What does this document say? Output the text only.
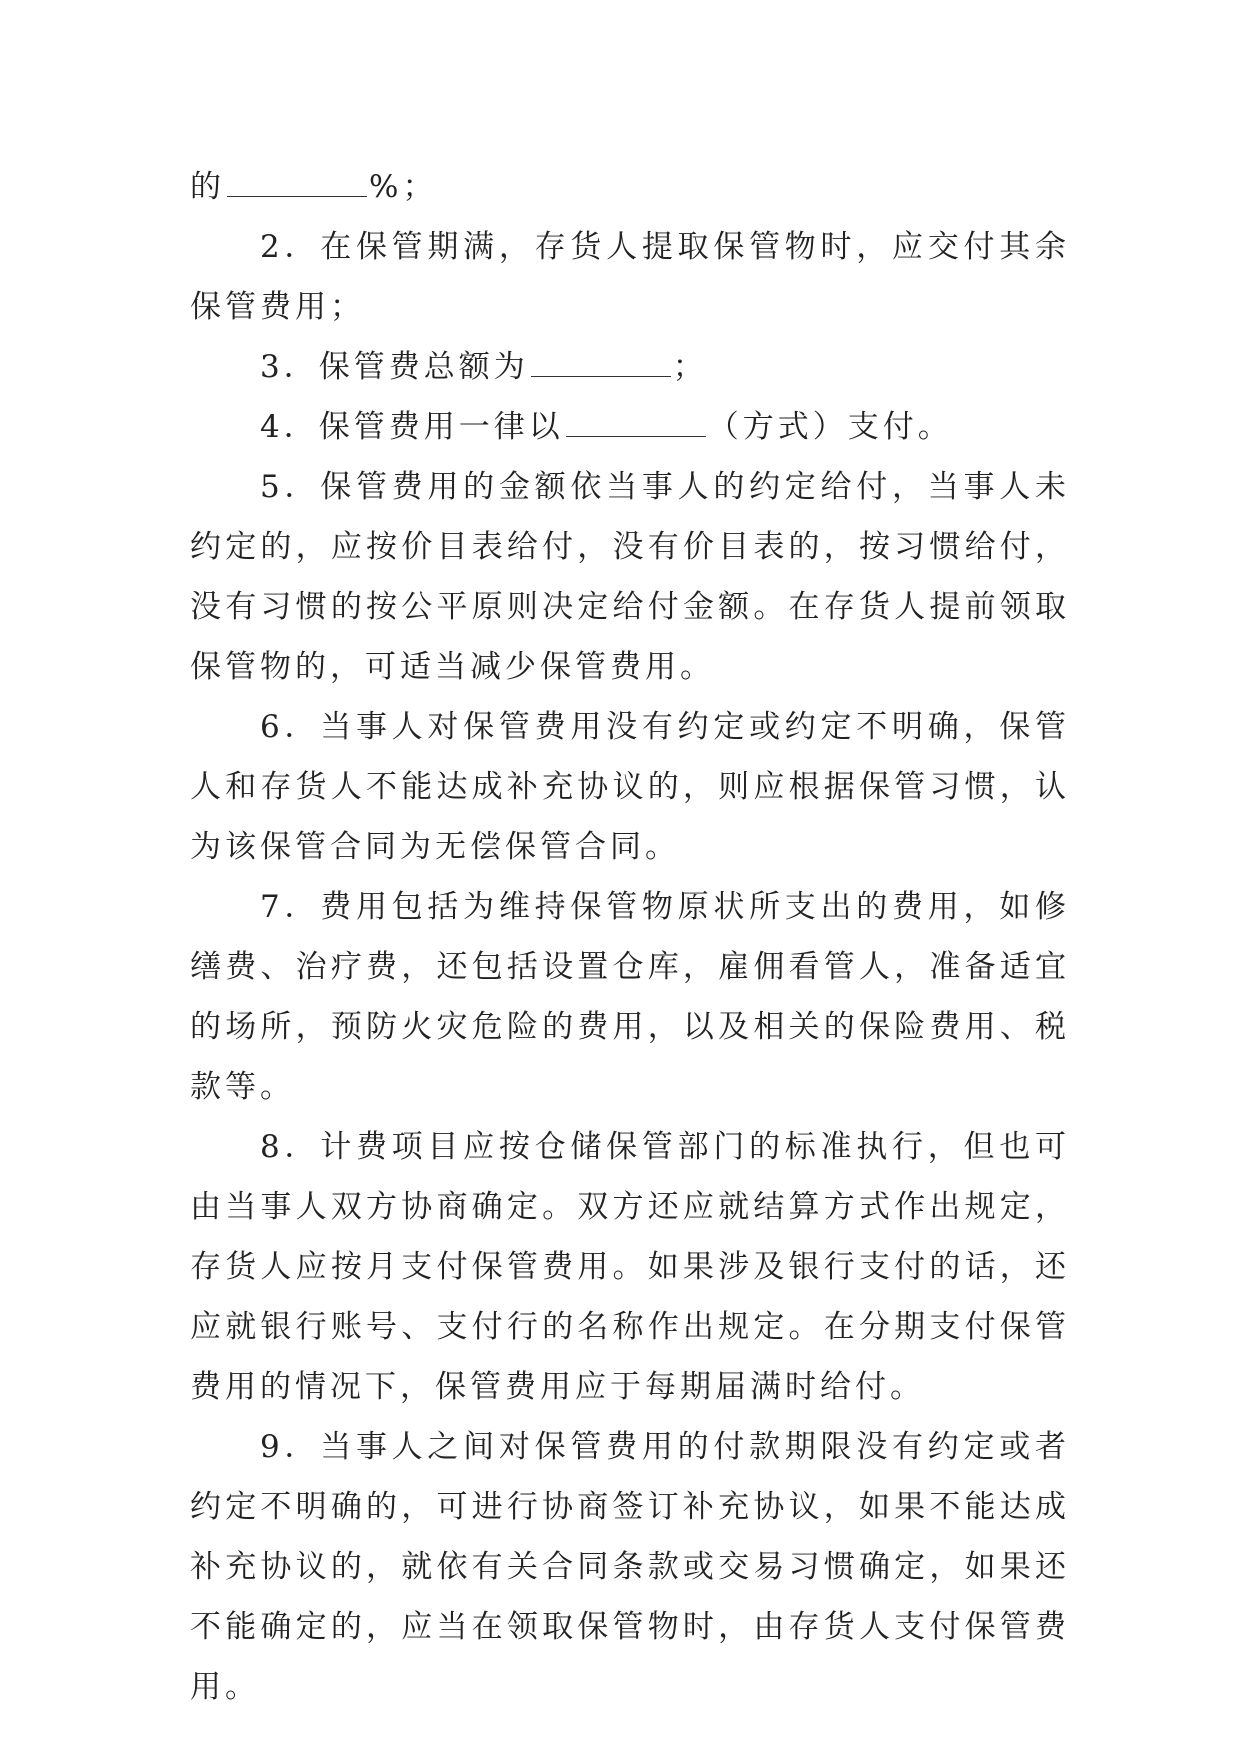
的	%；

2．在保管期满，存货人提取保管物时，应交付其余保管费用；

3．保管费总额为	；

4．保管费用一律以	（方式）支付。

5．保管费用的金额依当事人的约定给付，当事人未约定的，应按价目表给付，没有价目表的，按习惯给付，没有习惯的按公平原则决定给付金额。在存货人提前领取保管物的，可适当减少保管费用。

6．当事人对保管费用没有约定或约定不明确，保管人和存货人不能达成补充协议的，则应根据保管习惯，认为该保管合同为无偿保管合同。

7．费用包括为维持保管物原状所支出的费用，如修缮费、治疗费，还包括设置仓库，雇佣看管人，准备适宜的场所，预防火灾危险的费用，以及相关的保险费用、税款等。

8．计费项目应按仓储保管部门的标准执行，但也可由当事人双方协商确定。双方还应就结算方式作出规定，存货人应按月支付保管费用。如果涉及银行支付的话，还应就银行账号、支付行的名称作出规定。在分期支付保管费用的情况下，保管费用应于每期届满时给付。

9．当事人之间对保管费用的付款期限没有约定或者约定不明确的，可进行协商签订补充协议，如果不能达成补充协议的，就依有关合同条款或交易习惯确定，如果还不能确定的，应当在领取保管物时，由存货人支付保管费用。
